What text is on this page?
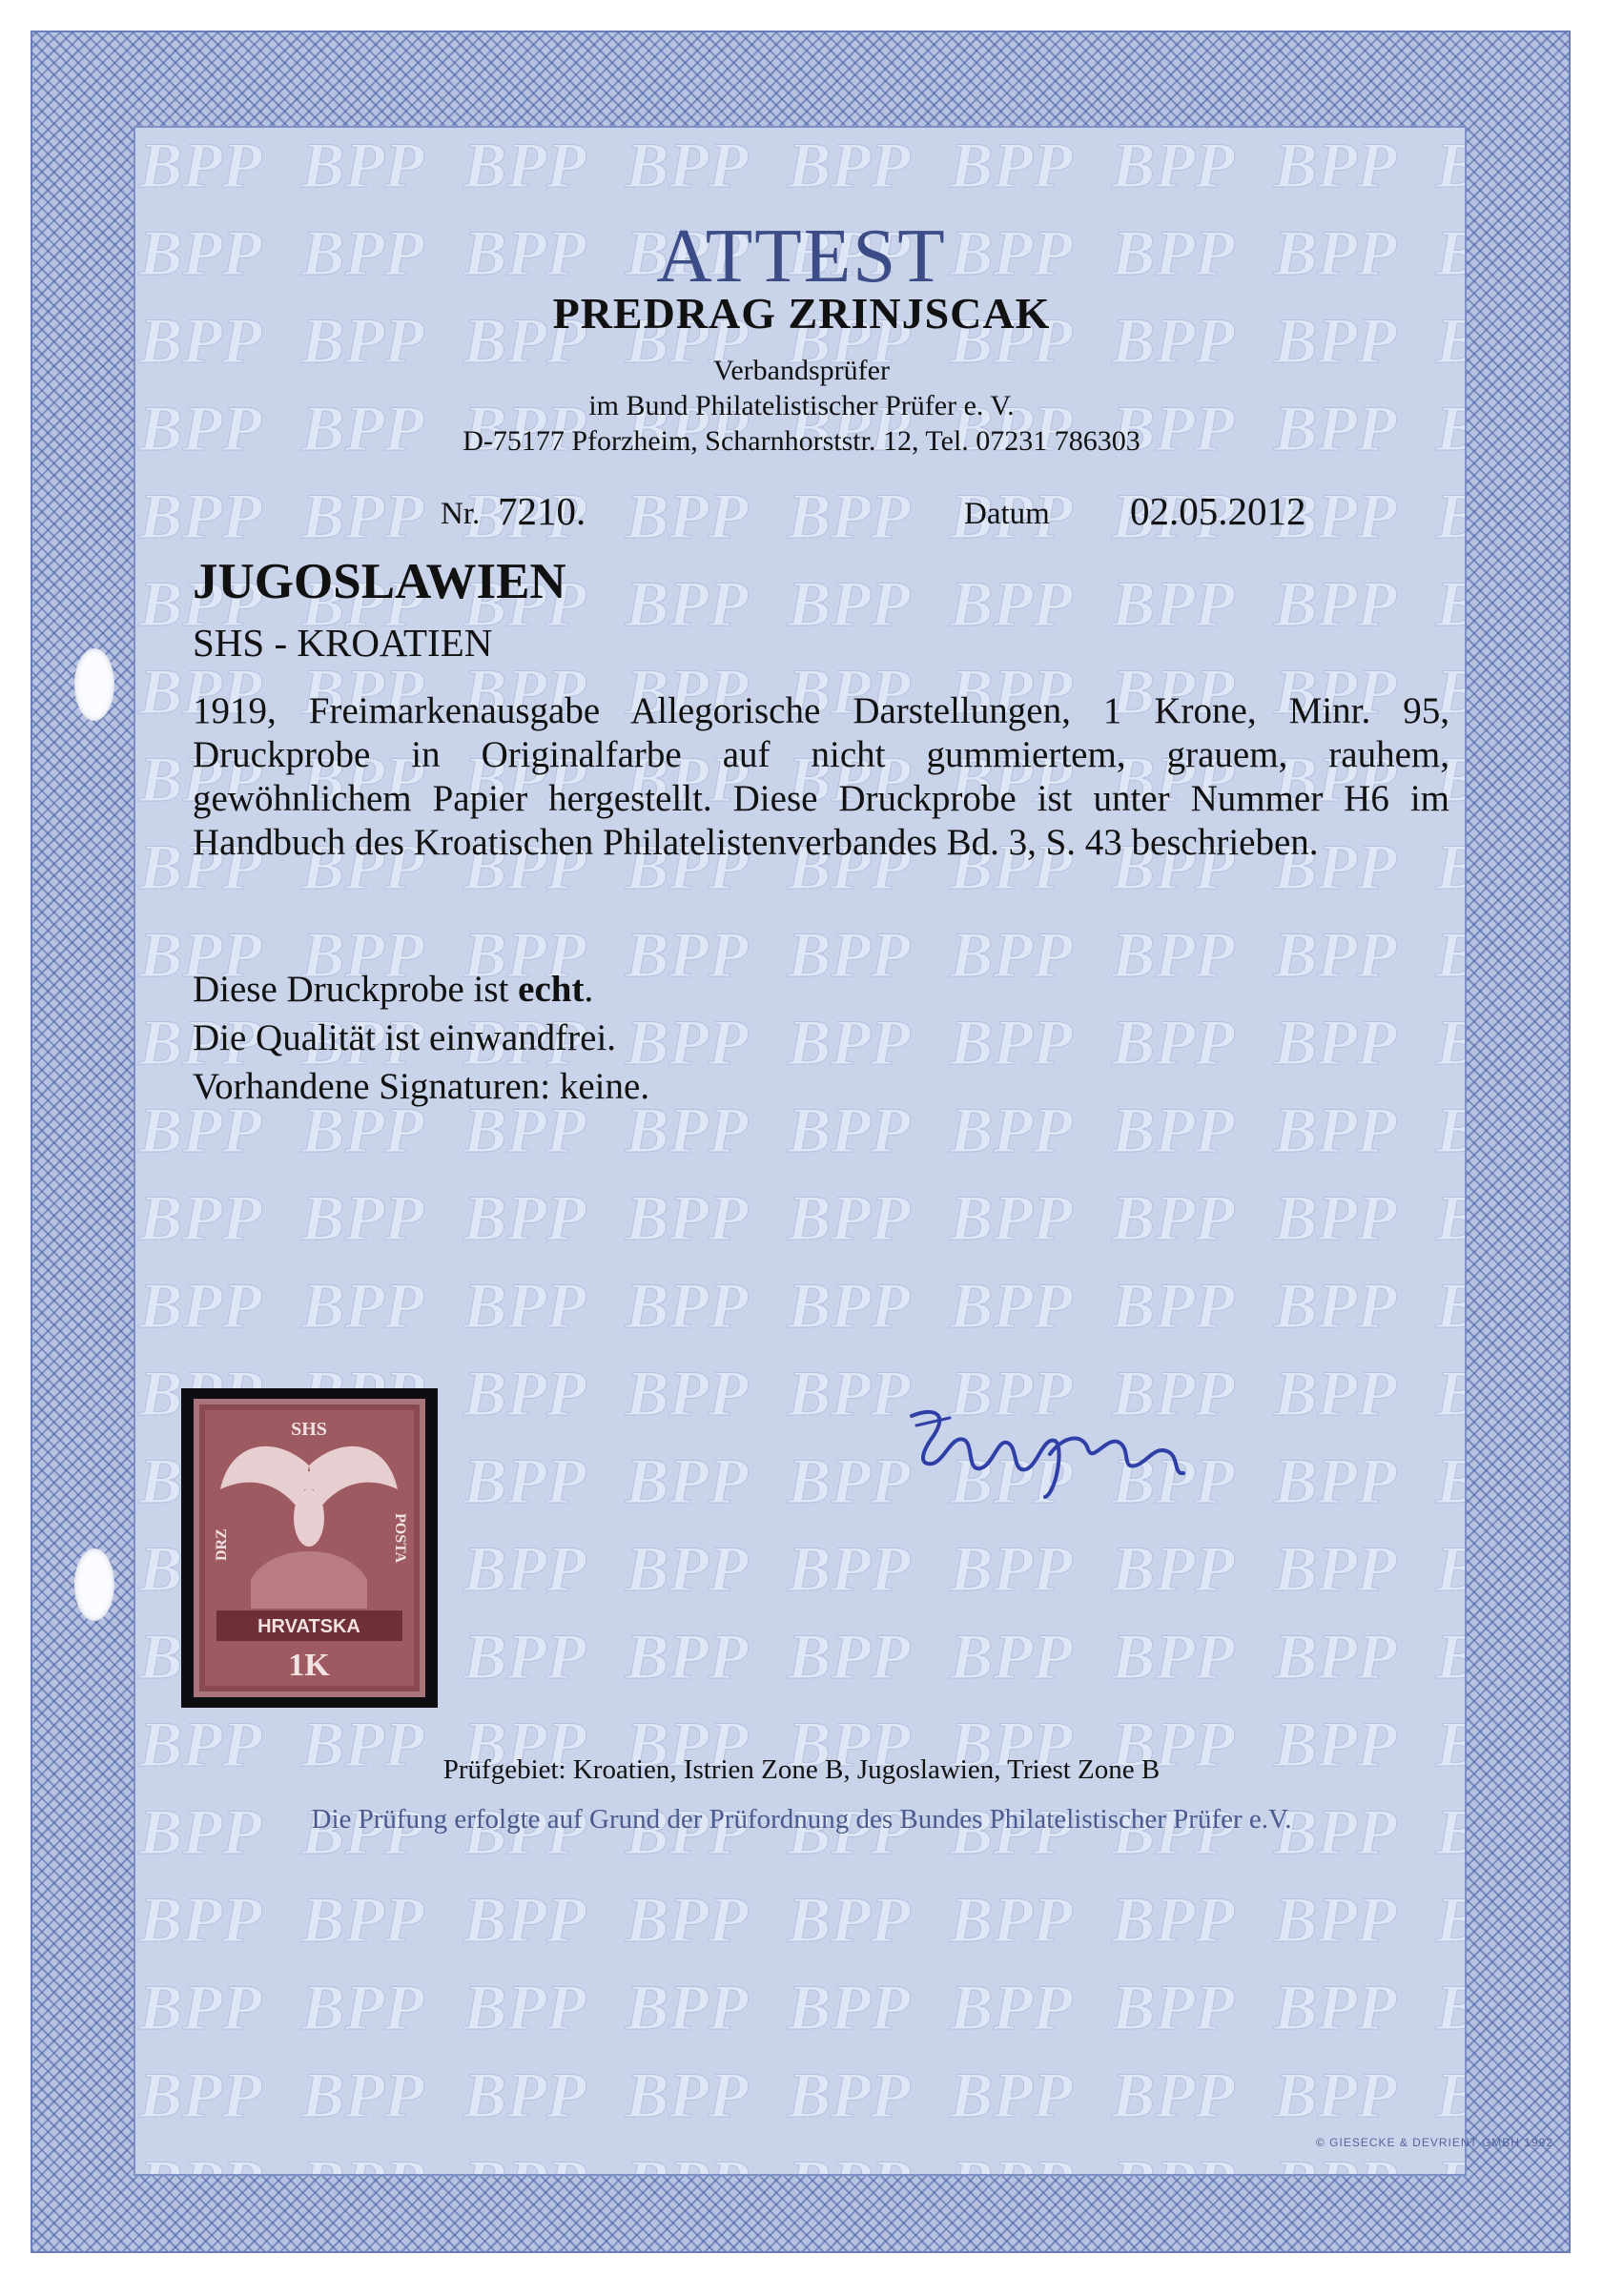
ATTEST
PREDRAG ZRINJSCAK
Verbandsprüfer
im Bund Philatelistischer Prüfer e. V.
D-75177 Pforzheim, Scharnhorststr. 12, Tel. 07231 786303
Nr. 7210.	Datum 02.05.2012
JUGOSLAWIEN
SHS - KROATIEN
1919, Freimarkenausgabe Allegorische Darstellungen, 1 Krone, Minr. 95, Druckprobe in Originalfarbe auf nicht gummiertem, grauem, rauhem, gewöhnlichem Papier hergestellt. Diese Druckprobe ist unter Nummer H6 im Handbuch des Kroatischen Philatelistenverbandes Bd. 3, S. 43 beschrieben.
Diese Druckprobe ist echt.
Die Qualität ist einwandfrei.
Vorhandene Signaturen: keine.
SHS
DRZ	POSTA
HRVATSKA
1K
Prüfgebiet: Kroatien, Istrien Zone B, Jugoslawien, Triest Zone B
Die Prüfung erfolgte auf Grund der Prüfordnung des Bundes Philatelistischer Prüfer e.V.
© GIESECKE & DEVRIENT GMBH 1992
